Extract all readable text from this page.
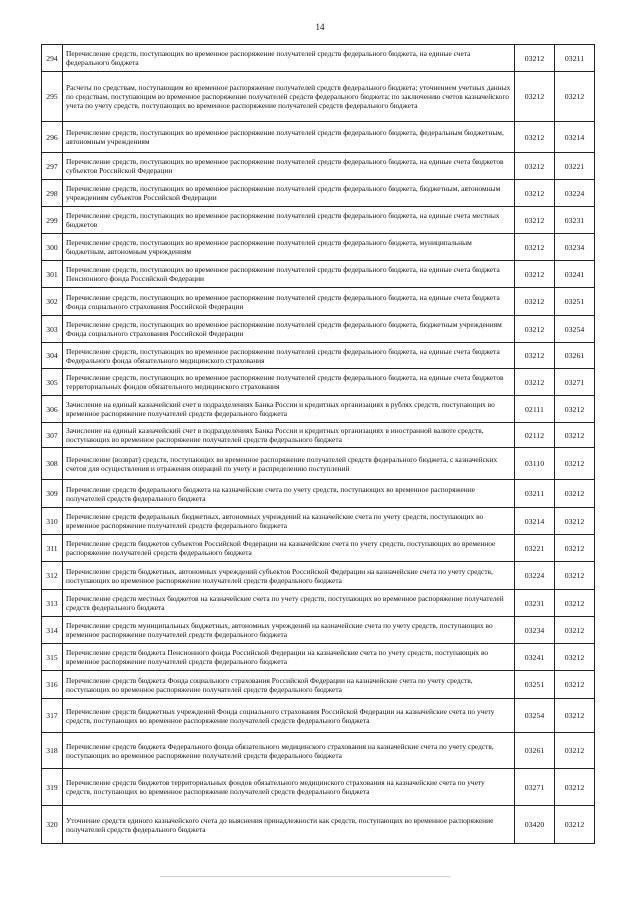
14
294	Перечисление средств, поступающих во временное распоряжение получателей средств федерального бюджета, на единые счета федерального бюджета	03212	03211
295	Расчеты по средствам, поступающим во временное распоряжение получателей средств федерального бюджета; уточнением учетных данных по средствам, поступающим во временное распоряжение получателей средств федерального бюджета; по заключению счетов казначейского учета по учету средств, поступающих во временное распоряжение получателей средств федерального бюджета	03212	03212
296	Перечисление средств, поступающих во временное распоряжение получателей средств федерального бюджета, федеральным бюджетным, автономным учреждениям	03212	03214
297	Перечисление средств, поступающих во временное распоряжение получателей средств федерального бюджета, на единые счета бюджетов субъектов Российской Федерации	03212	03221
298	Перечисление средств, поступающих во временное распоряжение получателей средств федерального бюджета, бюджетным, автономным учреждениям субъектов Российской Федерации	03212	03224
299	Перечисление средств, поступающих во временное распоряжение получателей средств федерального бюджета, на единые счета местных бюджетов	03212	03231
300	Перечисление средств, поступающих во временное распоряжение получателей средств федерального бюджета, муниципальным бюджетным, автономным учреждениям	03212	03234
301	Перечисление средств, поступающих во временное распоряжение получателей средств федерального бюджета, на единые счета бюджета Пенсионного фонда Российской Федерации	03212	03241
302	Перечисление средств, поступающих во временное распоряжение получателей средств федерального бюджета, на единые счета бюджета Фонда социального страхования Российской Федерации	03212	03251
303	Перечисление средств, поступающих во временное распоряжение получателей средств федерального бюджета, бюджетным учреждениям Фонда социального страхования Российской Федерации	03212	03254
304	Перечисление средств, поступающих во временное распоряжение получателей средств федерального бюджета, на единые счета бюджета Федерального фонда обязательного медицинского страхования	03212	03261
305	Перечисление средств, поступающих во временное распоряжение получателей средств федерального бюджета, на единые счета бюджетов территориальных фондов обязательного медицинского страхования	03212	03271
306	Зачисление на единый казначейский счет в подразделениях Банка России и кредитных организациях в рублях средств, поступающих во временное распоряжение получателей средств федерального бюджета	02111	03212
307	Зачисление на единый казначейский счет в подразделениях Банка России и кредитных организациях в иностранной валюте средств, поступающих во временное распоряжение получателей средств федерального бюджета	02112	03212
308	Перечисление (возврат) средств, поступающих во временное распоряжение получателей средств федерального бюджета, с казначейских счетов для осуществления и отражения операций по учету и распределению поступлений	03110	03212
309	Перечисление средств федерального бюджета на казначейские счета по учету средств, поступающих во временное распоряжение получателей средств федерального бюджета	03211	03212
310	Перечисление средств федеральных бюджетных, автономных учреждений на казначейские счета по учету средств, поступающих во временное распоряжение получателей средств федерального бюджета	03214	03212
311	Перечисление средств бюджетов субъектов Российской Федерации на казначейские счета по учету средств, поступающих во временное распоряжение получателей средств федерального бюджета	03221	03212
312	Перечисление средств бюджетных, автономных учреждений субъектов Российской Федерации на казначейские счета по учету средств, поступающих во временное распоряжение получателей средств федерального бюджета	03224	03212
313	Перечисление средств местных бюджетов на казначейские счета по учету средств, поступающих во временное распоряжение получателей средств федерального бюджета	03231	03212
314	Перечисление средств муниципальных бюджетных, автономных учреждений на казначейские счета по учету средств, поступающих во временное распоряжение получателей средств федерального бюджета	03234	03212
315	Перечисление средств бюджета Пенсионного фонда Российской Федерации на казначейские счета по учету средств, поступающих во временное распоряжение получателей средств федерального бюджета	03241	03212
316	Перечисление средств бюджета Фонда социального страхования Российской Федерации на казначейские счета по учету средств, поступающих во временное распоряжение получателей средств федерального бюджета	03251	03212
317	Перечисление средств бюджетных учреждений Фонда социального страхования Российской Федерации на казначейские счета по учету средств, поступающих во временное распоряжение получателей средств федерального бюджета	03254	03212
318	Перечисление средств бюджета Федерального фонда обязательного медицинского страхования на казначейские счета по учету средств, поступающих во временное распоряжение получателей средств федерального бюджета	03261	03212
319	Перечисление средств бюджетов территориальных фондов обязательного медицинского страхования на казначейские счета по учету средств, поступающих во временное распоряжение получателей средств федерального бюджета	03271	03212
320	Уточнение средств единого казначейского счета до выяснения принадлежности как средств, поступающих во временное распоряжение получателей средств федерального бюджета	03420	03212
